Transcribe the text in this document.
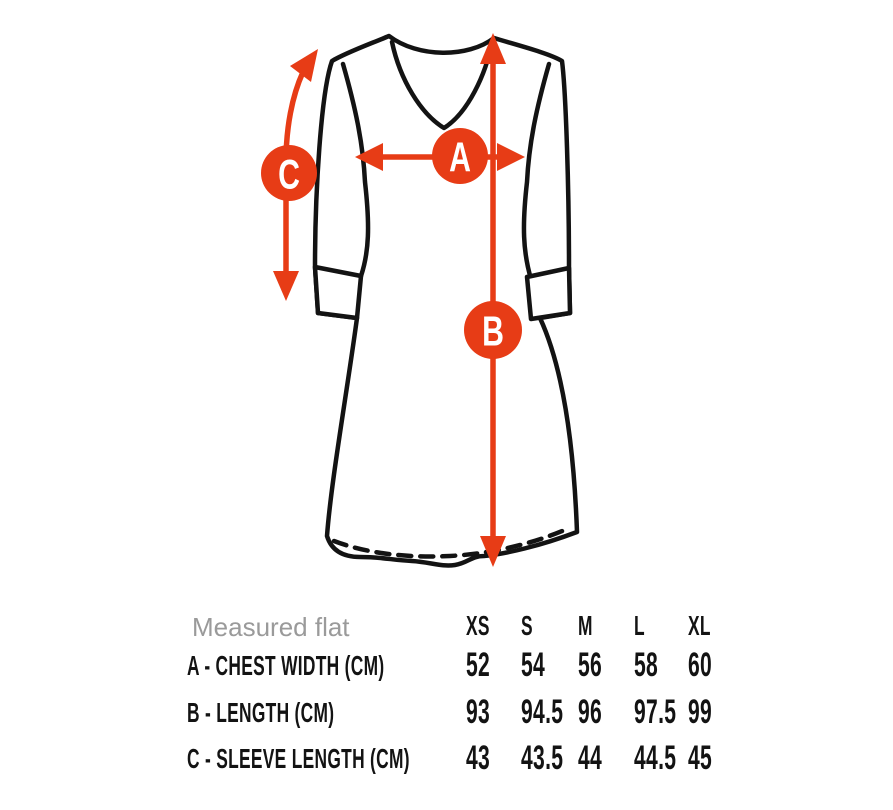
A
B
C
Measured flat	XS S M L XL
A - CHEST WIDTH (CM) 52 54 56 58 60
B - LENGTH (CM)	93 94.5 96 97.5 99
C - SLEEVE LENGTH (CM) 43 43.5 44 44.5 45
